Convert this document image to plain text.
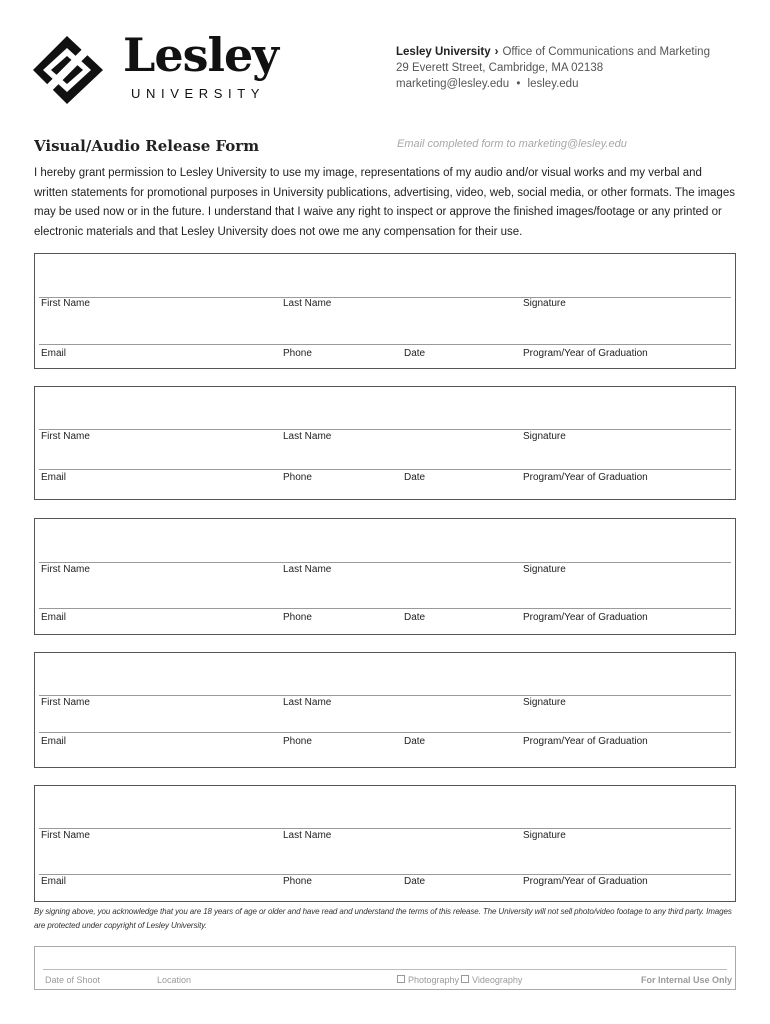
Lesley
UNIVERSITY
Lesley University › Office of Communications and Marketing
29 Everett Street, Cambridge, MA 02138
marketing@lesley.edu • lesley.edu
Visual/Audio Release Form	Email completed form to marketing@lesley.edu
I hereby grant permission to Lesley University to use my image, representations of my audio and/or visual works and my verbal and written statements for promotional purposes in University publications, advertising, video, web, social media, or other formats. The images may be used now or in the future. I understand that I waive any right to inspect or approve the finished images/footage or any printed or electronic materials and that Lesley University does not owe me any compensation for their use.
First Name	Last Name	Signature
Email	Phone	Date	Program/Year of Graduation
First Name	Last Name	Signature
Email	Phone	Date	Program/Year of Graduation
First Name	Last Name	Signature
Email	Phone	Date	Program/Year of Graduation
First Name	Last Name	Signature
Email	Phone	Date	Program/Year of Graduation
First Name	Last Name	Signature
Email	Phone	Date	Program/Year of Graduation
By signing above, you acknowledge that you are 18 years of age or older and have read and understand the terms of this release. The University will not sell photo/video footage to any third party. Images are protected under copyright of Lesley University.
Date of Shoot	Location	Photography	Videography	For Internal Use Only
